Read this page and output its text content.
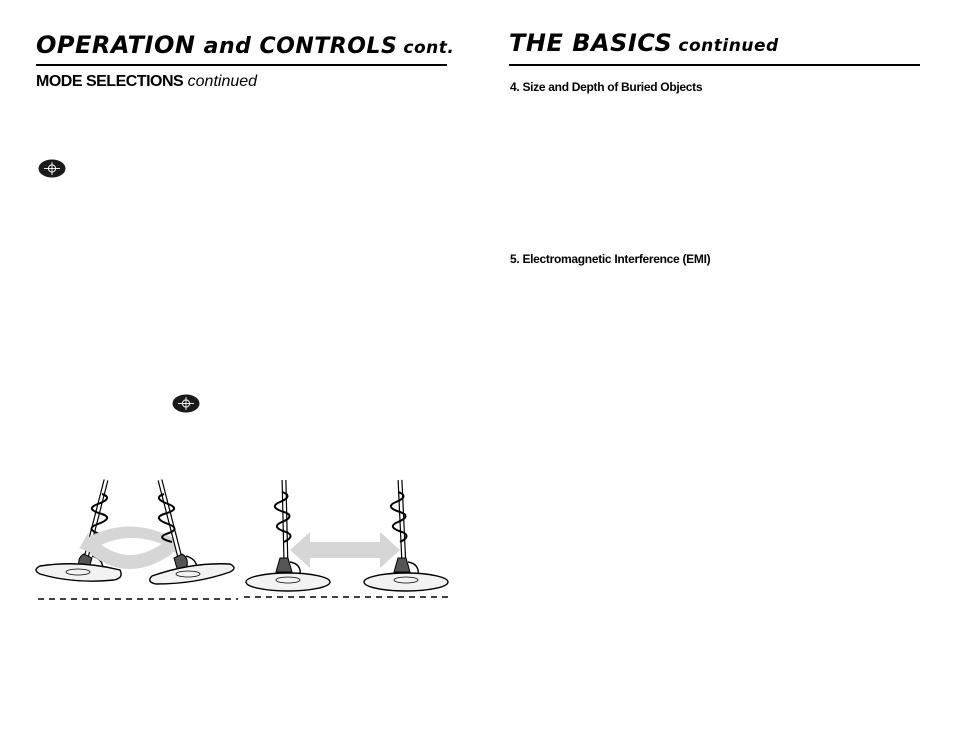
OPERATION and CONTROLS cont.
MODE SELECTIONS continued
THE BASICS continued
4. Size and Depth of Buried Objects
5. Electromagnetic Interference (EMI)
